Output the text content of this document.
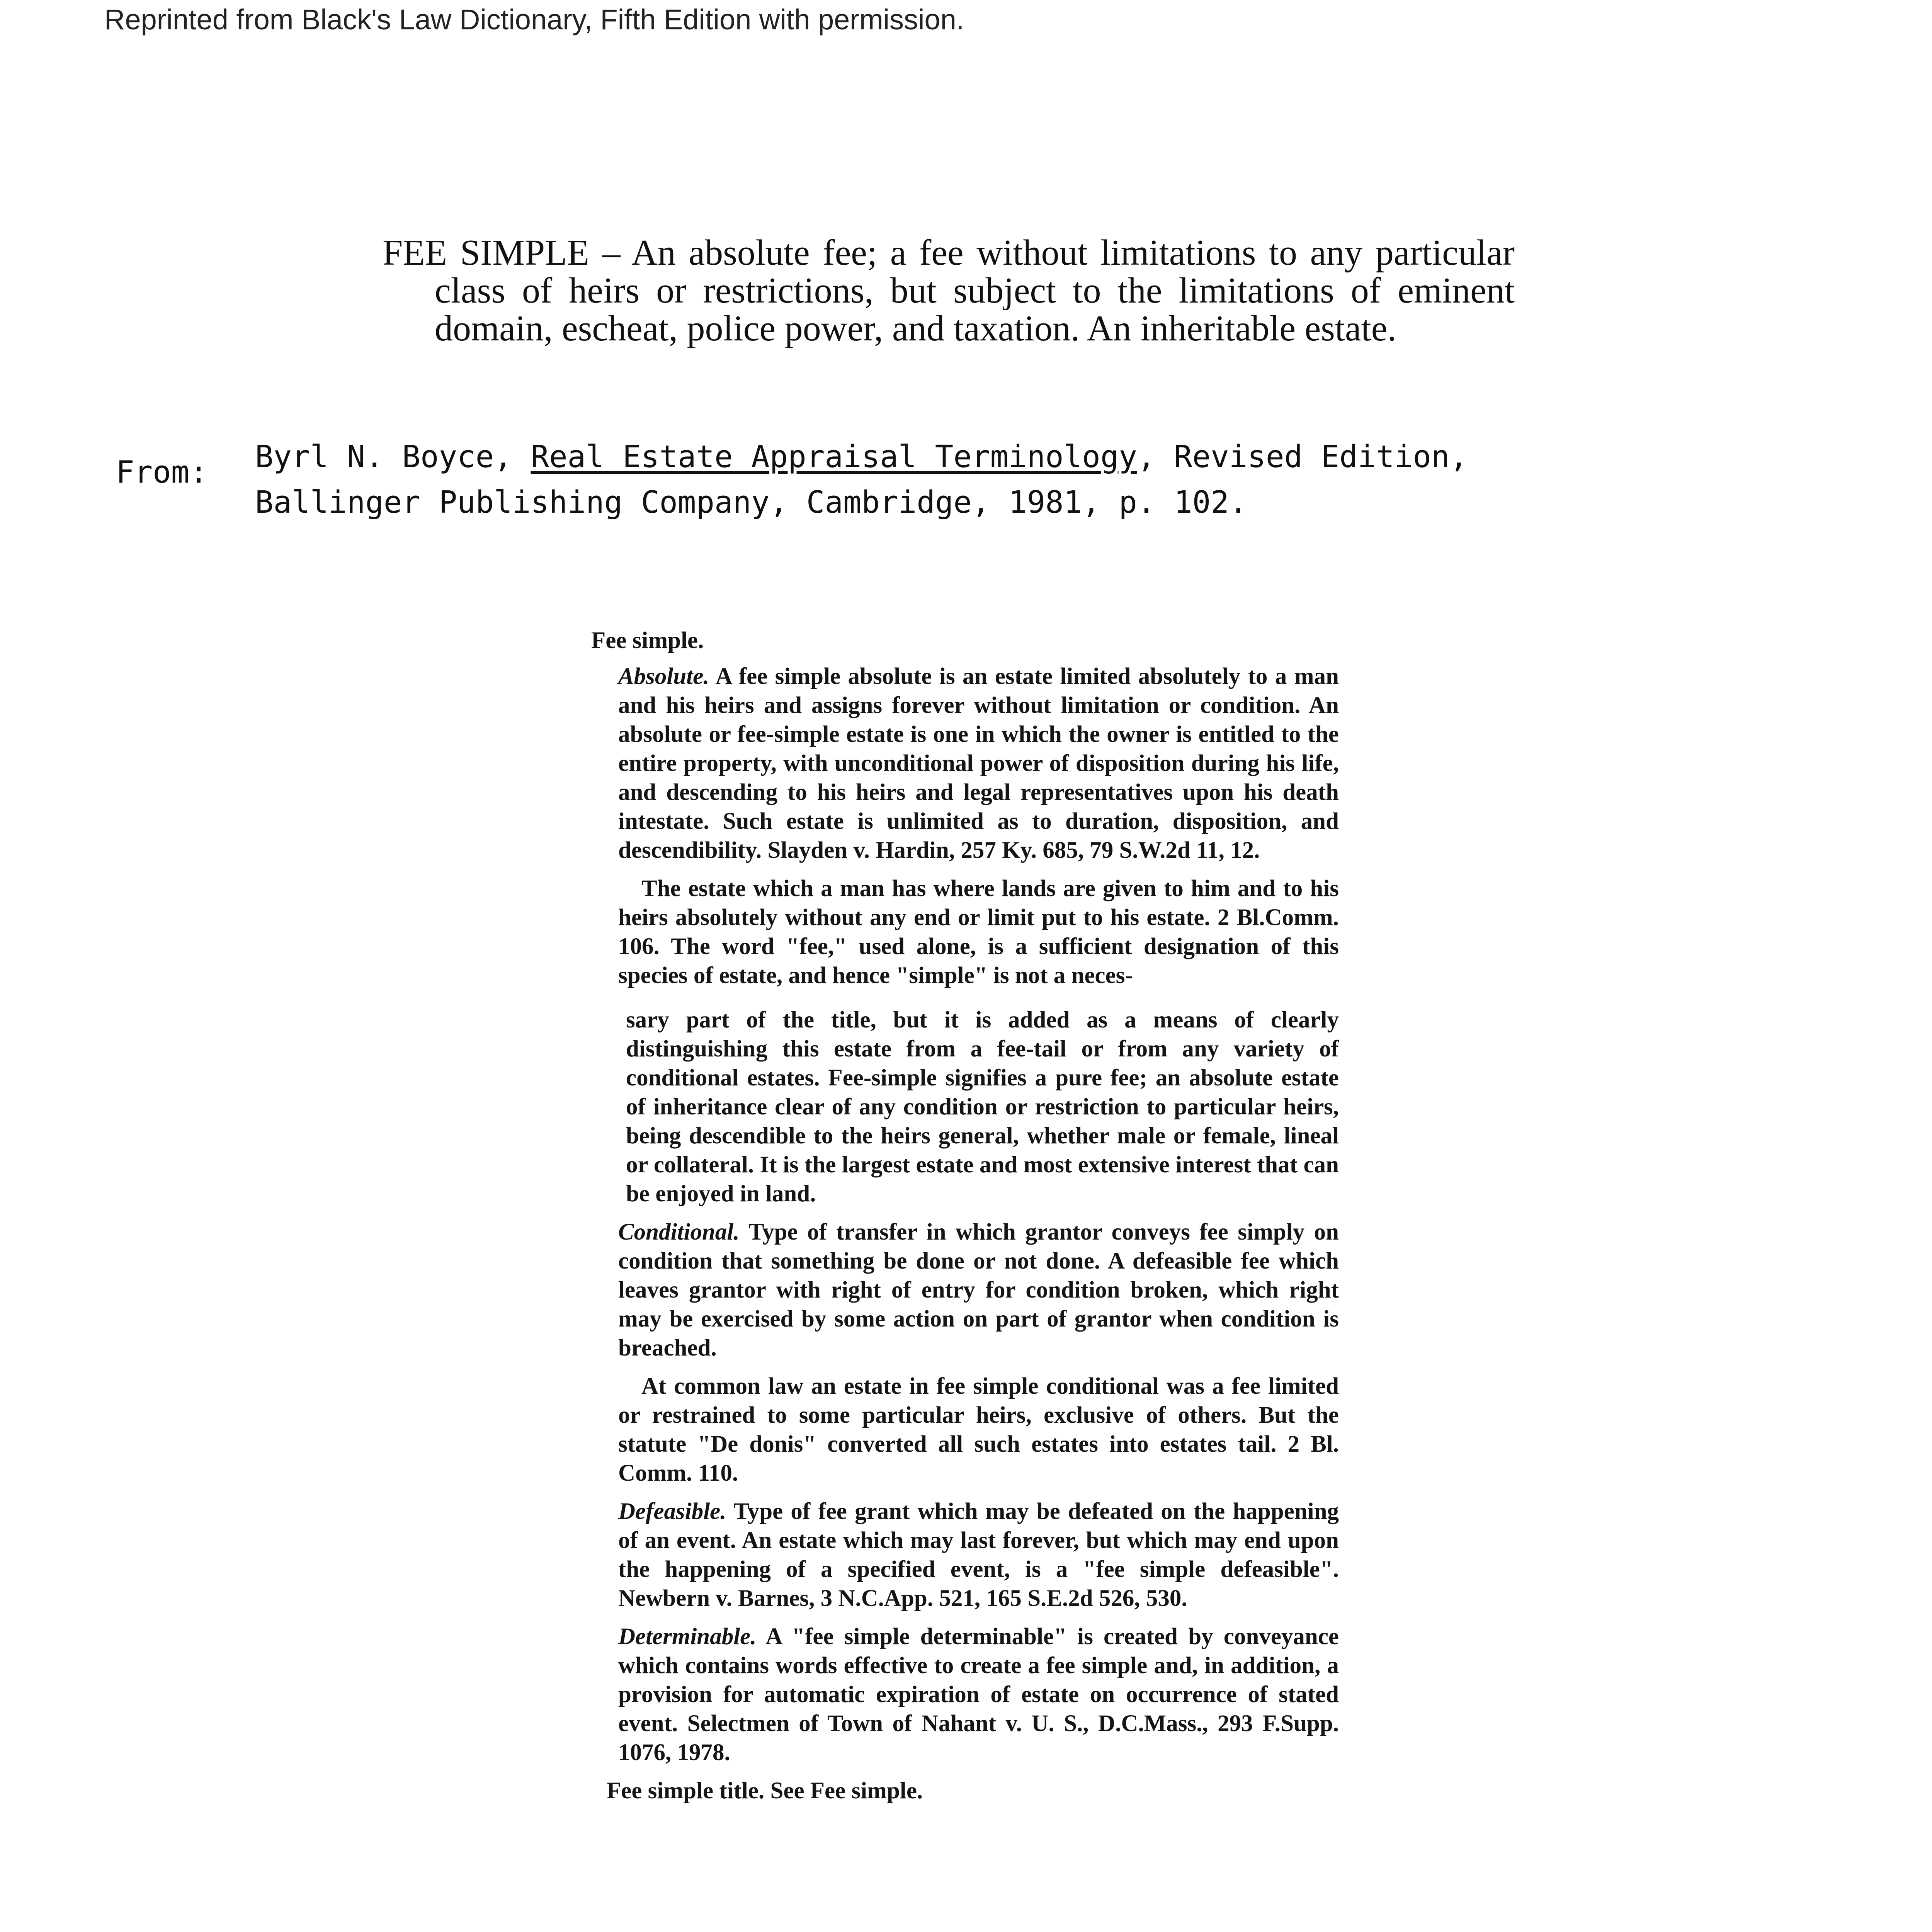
Reprinted from Black's Law Dictionary, Fifth Edition with permission.
FEE SIMPLE – An absolute fee; a fee without limitations to any particular class of heirs or restrictions, but subject to the limitations of eminent domain, escheat, police power, and taxation. An inheritable estate.
From: Byrl N. Boyce, Real Estate Appraisal Terminology, Revised Edition,
Ballinger Publishing Company, Cambridge, 1981, p. 102.
Fee simple.

Absolute. A fee simple absolute is an estate limited absolutely to a man and his heirs and assigns forever without limitation or condition. An absolute or fee-simple estate is one in which the owner is entitled to the entire property, with unconditional power of disposition during his life, and descending to his heirs and legal representatives upon his death intestate. Such estate is unlimited as to duration, disposition, and descendibility. Slayden v. Hardin, 257 Ky. 685, 79 S.W.2d 11, 12.

The estate which a man has where lands are given to him and to his heirs absolutely without any end or limit put to his estate. 2 Bl.Comm. 106. The word "fee," used alone, is a sufficient designation of this species of estate, and hence "simple" is not a neces-

sary part of the title, but it is added as a means of clearly distinguishing this estate from a fee-tail or from any variety of conditional estates. Fee-simple signifies a pure fee; an absolute estate of inheritance clear of any condition or restriction to particular heirs, being descendible to the heirs general, whether male or female, lineal or collateral. It is the largest estate and most extensive interest that can be enjoyed in land.

Conditional. Type of transfer in which grantor conveys fee simply on condition that something be done or not done. A defeasible fee which leaves grantor with right of entry for condition broken, which right may be exercised by some action on part of grantor when condition is breached.

At common law an estate in fee simple conditional was a fee limited or restrained to some particular heirs, exclusive of others. But the statute "De donis" converted all such estates into estates tail. 2 Bl. Comm. 110.

Defeasible. Type of fee grant which may be defeated on the happening of an event. An estate which may last forever, but which may end upon the happening of a specified event, is a "fee simple defeasible". Newbern v. Barnes, 3 N.C.App. 521, 165 S.E.2d 526, 530.

Determinable. A "fee simple determinable" is created by conveyance which contains words effective to create a fee simple and, in addition, a provision for automatic expiration of estate on occurrence of stated event. Selectmen of Town of Nahant v. U. S., D.C.Mass., 293 F.Supp. 1076, 1978.

Fee simple title. See Fee simple.
